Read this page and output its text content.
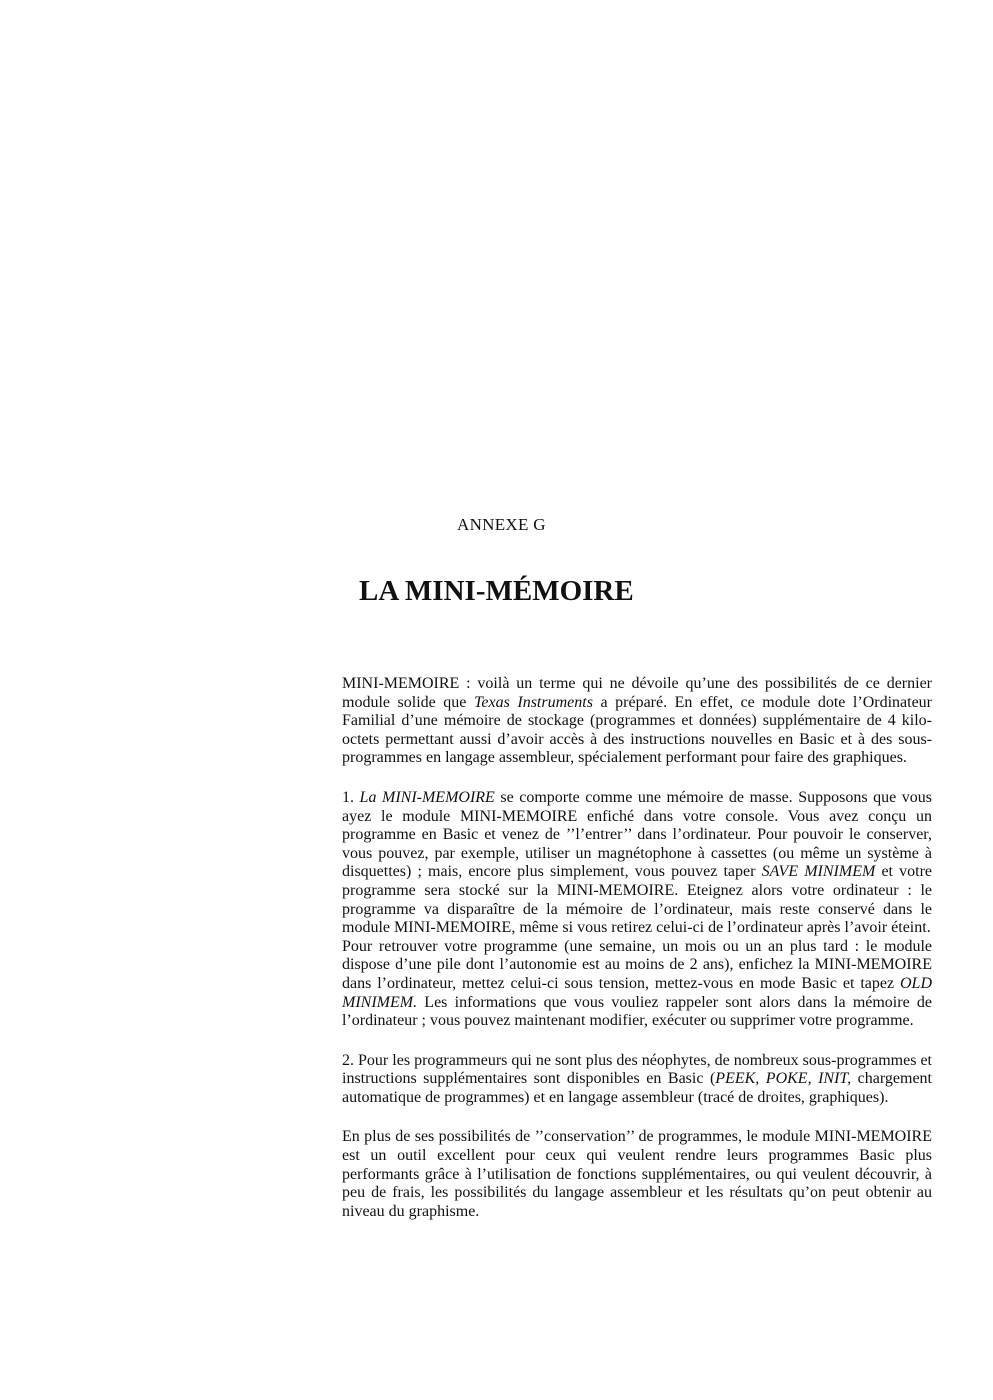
ANNEXE G
LA MINI-MÉMOIRE

MINI-MEMOIRE : voilà un terme qui ne dévoile qu’une des possibilités de ce dernier module solide que Texas Instruments a préparé. En effet, ce module dote l’Ordinateur Familial d’une mémoire de stockage (programmes et données) supplémentaire de 4 kilo-octets permettant aussi d’avoir accès à des instructions nouvelles en Basic et à des sous-programmes en langage assembleur, spécialement performant pour faire des graphiques.

1. La MINI-MEMOIRE se comporte comme une mémoire de masse. Supposons que vous ayez le module MINI-MEMOIRE enfiché dans votre console. Vous avez conçu un programme en Basic et venez de ’’l’entrer’’ dans l’ordinateur. Pour pouvoir le conserver, vous pouvez, par exemple, utiliser un magnétophone à cassettes (ou même un système à disquettes) ; mais, encore plus simplement, vous pouvez taper SAVE MINIMEM et votre programme sera stocké sur la MINI-MEMOIRE. Eteignez alors votre ordinateur : le programme va disparaître de la mémoire de l’ordinateur, mais reste conservé dans le module MINI-MEMOIRE, même si vous retirez celui-ci de l’ordinateur après l’avoir éteint.

Pour retrouver votre programme (une semaine, un mois ou un an plus tard : le module dispose d’une pile dont l’autonomie est au moins de 2 ans), enfichez la MINI-MEMOIRE dans l’ordinateur, mettez celui-ci sous tension, mettez-vous en mode Basic et tapez OLD MINIMEM. Les informations que vous vouliez rappeler sont alors dans la mémoire de l’ordinateur ; vous pouvez maintenant modifier, exécuter ou supprimer votre programme.

2. Pour les programmeurs qui ne sont plus des néophytes, de nombreux sous-programmes et instructions supplémentaires sont disponibles en Basic (PEEK, POKE, INIT, chargement automatique de programmes) et en langage assembleur (tracé de droites, graphiques).

En plus de ses possibilités de ’’conservation’’ de programmes, le module MINI-MEMOIRE est un outil excellent pour ceux qui veulent rendre leurs programmes Basic plus performants grâce à l’utilisation de fonctions supplémentaires, ou qui veulent découvrir, à peu de frais, les possibilités du langage assembleur et les résultats qu’on peut obtenir au niveau du graphisme.
